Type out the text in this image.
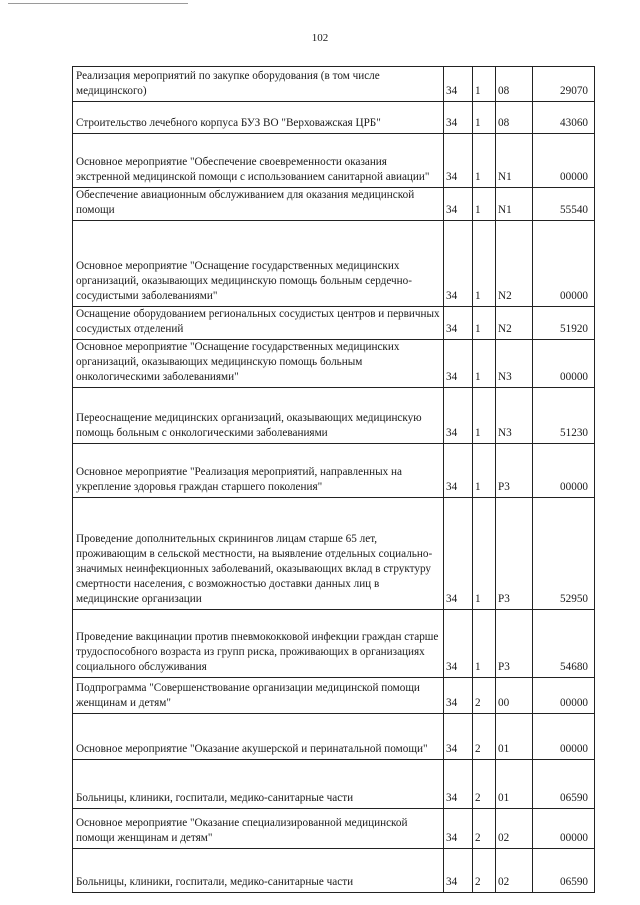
102
Реализация мероприятий по закупке оборудования (в том числе медицинского)	34	1	08	29070
Строительство лечебного корпуса БУЗ ВО "Верховажская ЦРБ"	34	1	08	43060
Основное мероприятие "Обеспечение своевременности оказания экстренной медицинской помощи с использованием санитарной авиации"	34	1	N1	00000
Обеспечение авиационным обслуживанием для оказания медицинской помощи	34	1	N1	55540
Основное мероприятие "Оснащение государственных медицинских организаций, оказывающих медицинскую помощь больным сердечно-сосудистыми заболеваниями"	34	1	N2	00000
Оснащение оборудованием региональных сосудистых центров и первичных сосудистых отделений	34	1	N2	51920
Основное мероприятие "Оснащение государственных медицинских организаций, оказывающих медицинскую помощь больным онкологическими заболеваниями"	34	1	N3	00000
Переоснащение медицинских организаций, оказывающих медицинскую помощь больным с онкологическими заболеваниями	34	1	N3	51230
Основное мероприятие "Реализация мероприятий, направленных на укрепление здоровья граждан старшего поколения"	34	1	P3	00000
Проведение дополнительных скринингов лицам старше 65 лет, проживающим в сельской местности, на выявление отдельных социально-значимых неинфекционных заболеваний, оказывающих вклад в структуру смертности населения, с возможностью доставки данных лиц в медицинские организации	34	1	P3	52950
Проведение вакцинации против пневмококковой инфекции граждан старше трудоспособного возраста из групп риска, проживающих в организациях социального обслуживания	34	1	P3	54680
Подпрограмма "Совершенствование организации медицинской помощи женщинам и детям"	34	2	00	00000
Основное мероприятие "Оказание акушерской и перинатальной помощи"	34	2	01	00000
Больницы, клиники, госпитали, медико-санитарные части	34	2	01	06590
Основное мероприятие "Оказание специализированной медицинской помощи женщинам и детям"	34	2	02	00000
Больницы, клиники, госпитали, медико-санитарные части	34	2	02	06590
